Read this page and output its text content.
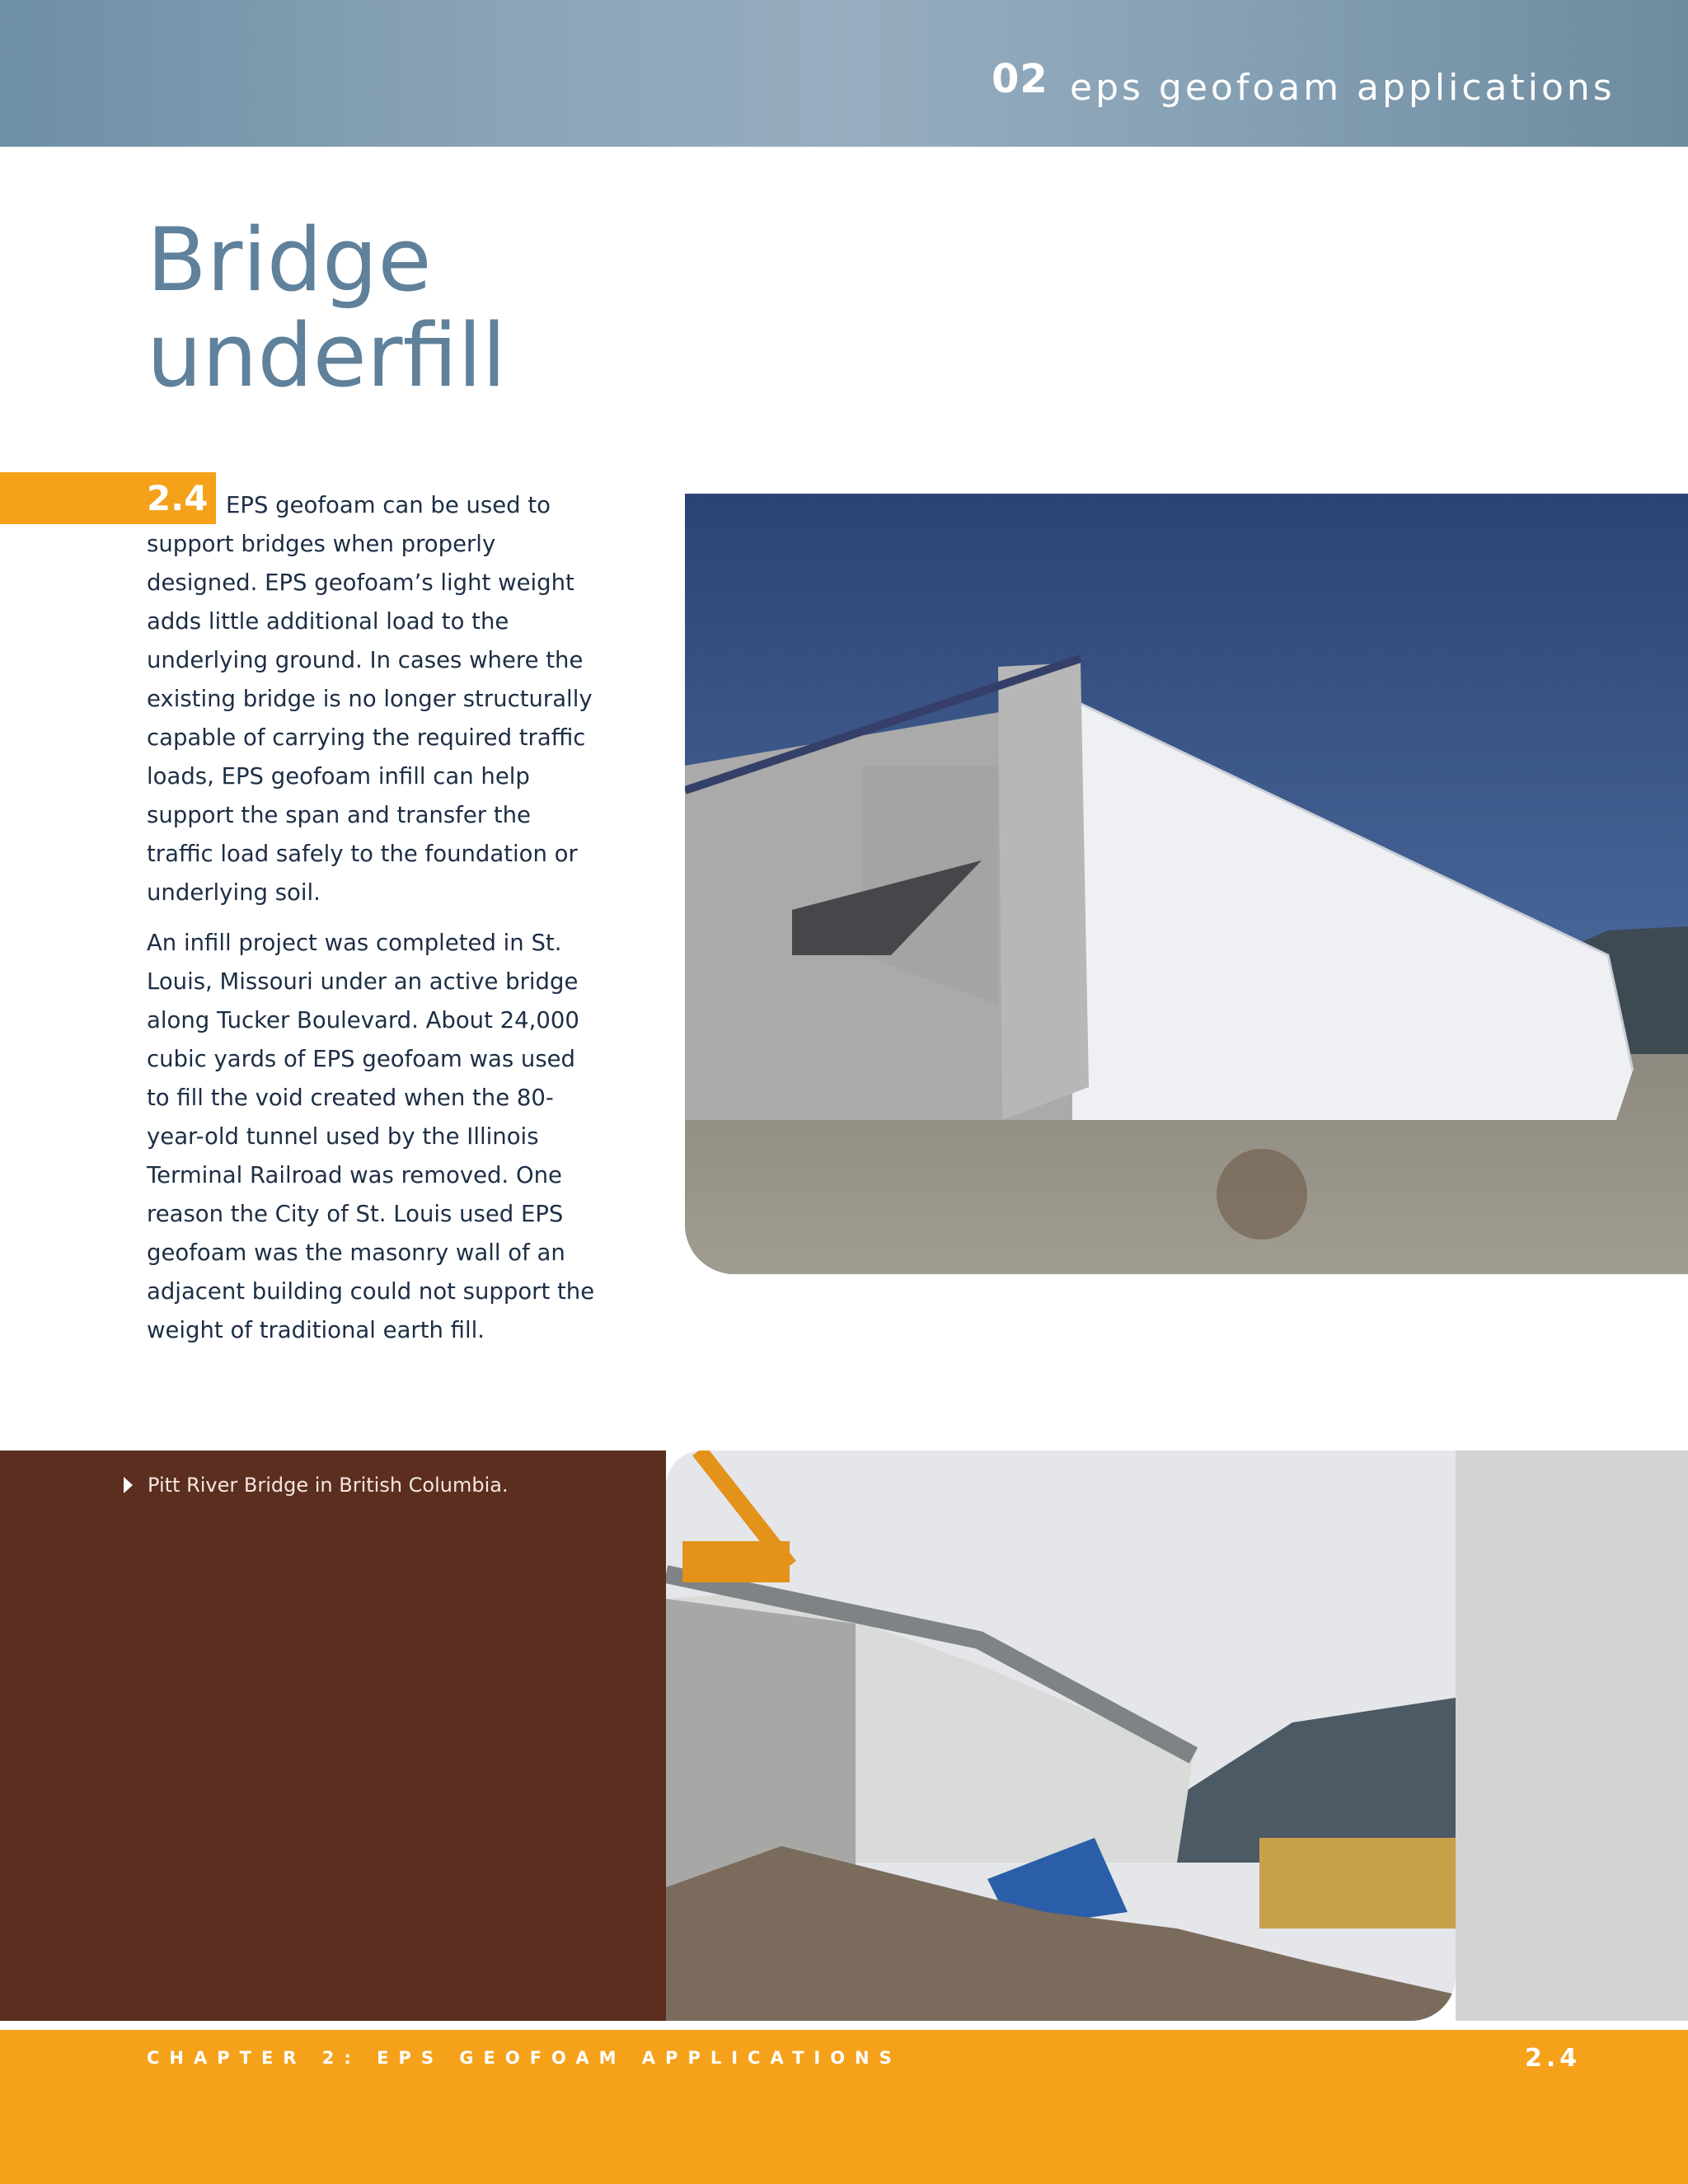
02 eps geofoam applications
Bridge
underfill
2.4 EPS geofoam can be used to support bridges when properly designed. EPS geofoam’s light weight adds little additional load to the underlying ground. In cases where the existing bridge is no longer structurally capable of carrying the required traffic loads, EPS geofoam infill can help support the span and transfer the traffic load safely to the foundation or underlying soil.

An infill project was completed in St. Louis, Missouri under an active bridge along Tucker Boulevard. About 24,000 cubic yards of EPS geofoam was used to fill the void created when the 80-year-old tunnel used by the Illinois Terminal Railroad was removed. One reason the City of St. Louis used EPS geofoam was the masonry wall of an adjacent building could not support the weight of traditional earth fill.

Pitt River Bridge in British Columbia.
CHAPTER 2: EPS GEOFOAM APPLICATIONS	2.4
